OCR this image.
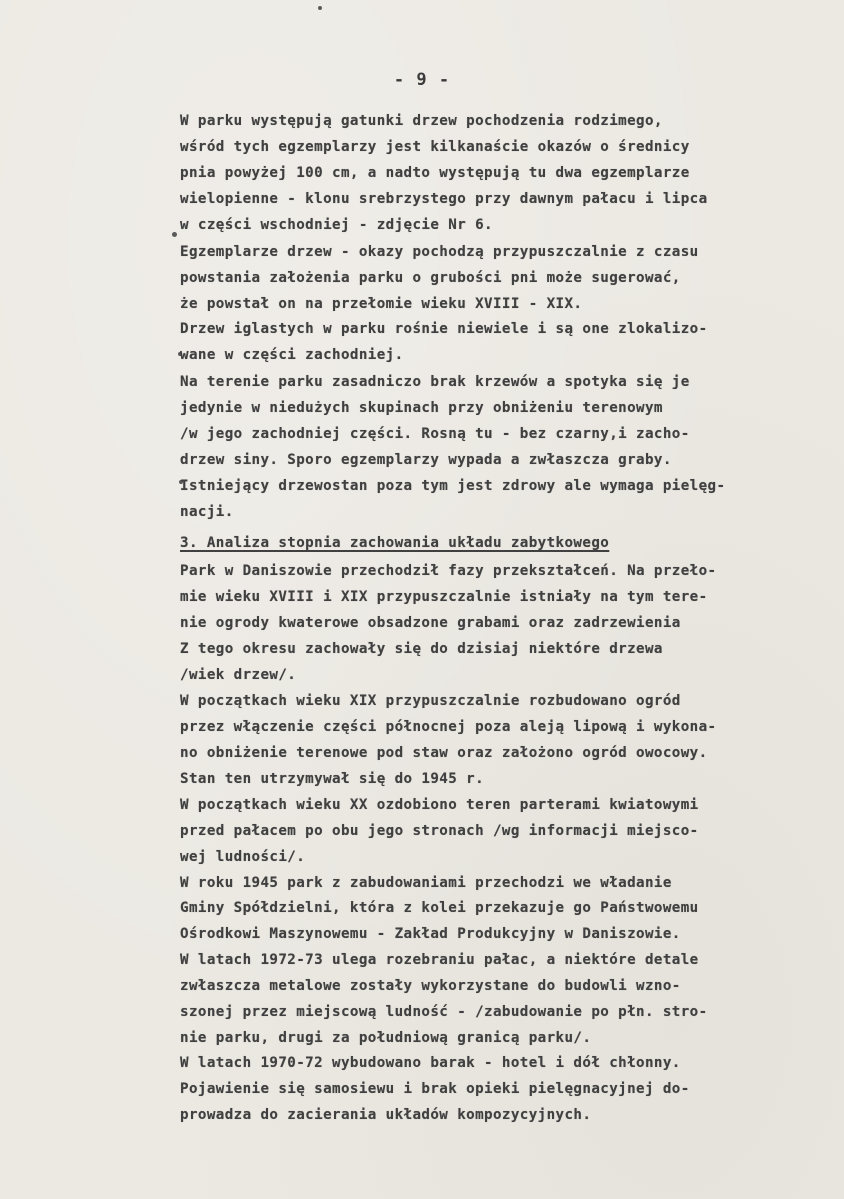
- 9 -
W parku występują gatunki drzew pochodzenia rodzimego,
wśród tych egzemplarzy jest kilkanaście okazów o średnicy
pnia powyżej 100 cm, a nadto występują tu dwa egzemplarze
wielopienne - klonu srebrzystego przy dawnym pałacu i lipca
w części wschodniej - zdjęcie Nr 6.
Egzemplarze drzew - okazy pochodzą przypuszczalnie z czasu
powstania założenia parku o grubości pni może sugerować,
że powstał on na przełomie wieku XVIII - XIX.
Drzew iglastych w parku rośnie niewiele i są one zlokalizo-
wane w części zachodniej.
Na terenie parku zasadniczo brak krzewów a spotyka się je
jedynie w niedużych skupinach przy obniżeniu terenowym
/w jego zachodniej części. Rosną tu - bez czarny,i zacho-
drzew siny. Sporo egzemplarzy wypada a zwłaszcza graby.
Istniejący drzewostan poza tym jest zdrowy ale wymaga pielęg-
nacji.
3. Analiza stopnia zachowania układu zabytkowego
Park w Daniszowie przechodził fazy przekształceń. Na przeło-
mie wieku XVIII i XIX przypuszczalnie istniały na tym tere-
nie ogrody kwaterowe obsadzone grabami oraz zadrzewienia
Z tego okresu zachowały się do dzisiaj niektóre drzewa
/wiek drzew/.
W początkach wieku XIX przypuszczalnie rozbudowano ogród
przez włączenie części północnej poza aleją lipową i wykona-
no obniżenie terenowe pod staw oraz założono ogród owocowy.
Stan ten utrzymywał się do 1945 r.
W początkach wieku XX ozdobiono teren parterami kwiatowymi
przed pałacem po obu jego stronach /wg informacji miejsco-
wej ludności/.
W roku 1945 park z zabudowaniami przechodzi we władanie
Gminy Spółdzielni, która z kolei przekazuje go Państwowemu
Ośrodkowi Maszynowemu - Zakład Produkcyjny w Daniszowie.
W latach 1972-73 ulega rozebraniu pałac, a niektóre detale
zwłaszcza metalowe zostały wykorzystane do budowli wzno-
szonej przez miejscową ludność - /zabudowanie po płn. stro-
nie parku, drugi za południową granicą parku/.
W latach 1970-72 wybudowano barak - hotel i dół chłonny.
Pojawienie się samosiewu i brak opieki pielęgnacyjnej do-
prowadza do zacierania układów kompozycyjnych.
